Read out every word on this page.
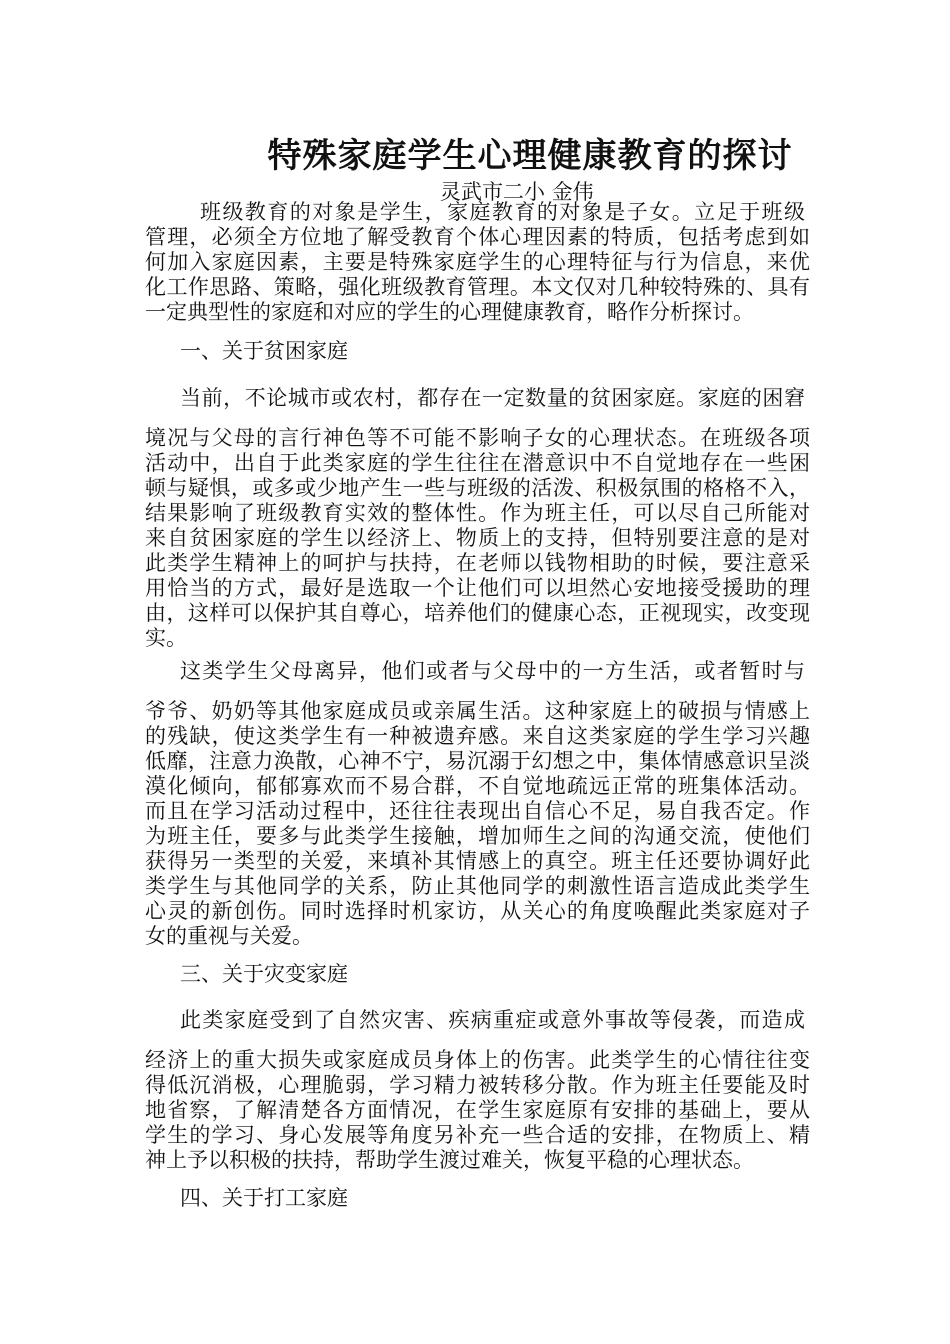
特殊家庭学生心理健康教育的探讨
灵武市二小 金伟
班级教育的对象是学生，家庭教育的对象是子女。立足于班级
管理，必须全方位地了解受教育个体心理因素的特质，包括考虑到如
何加入家庭因素，主要是特殊家庭学生的心理特征与行为信息，来优
化工作思路、策略，强化班级教育管理。本文仅对几种较特殊的、具有
一定典型性的家庭和对应的学生的心理健康教育，略作分析探讨。
一、关于贫困家庭
当前，不论城市或农村，都存在一定数量的贫困家庭。家庭的困窘
境况与父母的言行神色等不可能不影响子女的心理状态。在班级各项
活动中，出自于此类家庭的学生往往在潜意识中不自觉地存在一些困
顿与疑惧，或多或少地产生一些与班级的活泼、积极氛围的格格不入，
结果影响了班级教育实效的整体性。作为班主任，可以尽自己所能对
来自贫困家庭的学生以经济上、物质上的支持，但特别要注意的是对
此类学生精神上的呵护与扶持，在老师以钱物相助的时候，要注意采
用恰当的方式，最好是选取一个让他们可以坦然心安地接受援助的理
由，这样可以保护其自尊心，培养他们的健康心态，正视现实，改变现
实。
这类学生父母离异，他们或者与父母中的一方生活，或者暂时与
爷爷、奶奶等其他家庭成员或亲属生活。这种家庭上的破损与情感上
的残缺，使这类学生有一种被遗弃感。来自这类家庭的学生学习兴趣
低靡，注意力涣散，心神不宁，易沉溺于幻想之中，集体情感意识呈淡
漠化倾向，郁郁寡欢而不易合群，不自觉地疏远正常的班集体活动。
而且在学习活动过程中，还往往表现出自信心不足，易自我否定。作
为班主任，要多与此类学生接触，增加师生之间的沟通交流，使他们
获得另一类型的关爱，来填补其情感上的真空。班主任还要协调好此
类学生与其他同学的关系，防止其他同学的刺激性语言造成此类学生
心灵的新创伤。同时选择时机家访，从关心的角度唤醒此类家庭对子
女的重视与关爱。
三、关于灾变家庭
此类家庭受到了自然灾害、疾病重症或意外事故等侵袭，而造成
经济上的重大损失或家庭成员身体上的伤害。此类学生的心情往往变
得低沉消极，心理脆弱，学习精力被转移分散。作为班主任要能及时
地省察，了解清楚各方面情况，在学生家庭原有安排的基础上，要从
学生的学习、身心发展等角度另补充一些合适的安排，在物质上、精
神上予以积极的扶持，帮助学生渡过难关，恢复平稳的心理状态。
四、关于打工家庭
